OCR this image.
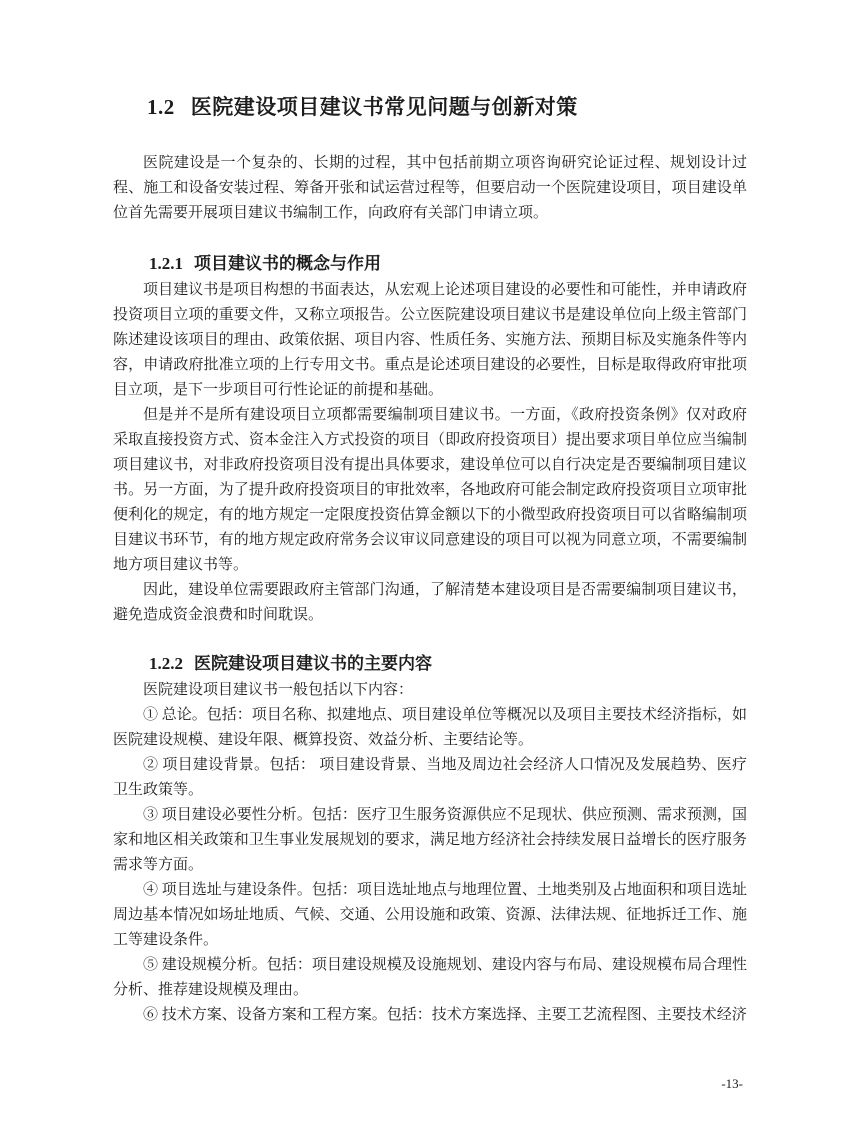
1.2 医院建设项目建议书常见问题与创新对策

医院建设是一个复杂的、长期的过程，其中包括前期立项咨询研究论证过程、规划设计过程、施工和设备安装过程、筹备开张和试运营过程等，但要启动一个医院建设项目，项目建设单位首先需要开展项目建议书编制工作，向政府有关部门申请立项。

1.2.1 项目建议书的概念与作用

项目建议书是项目构想的书面表达，从宏观上论述项目建设的必要性和可能性，并申请政府投资项目立项的重要文件，又称立项报告。公立医院建设项目建议书是建设单位向上级主管部门陈述建设该项目的理由、政策依据、项目内容、性质任务、实施方法、预期目标及实施条件等内容，申请政府批准立项的上行专用文书。重点是论述项目建设的必要性，目标是取得政府审批项目立项，是下一步项目可行性论证的前提和基础。

但是并不是所有建设项目立项都需要编制项目建议书。一方面，《政府投资条例》仅对政府采取直接投资方式、资本金注入方式投资的项目（即政府投资项目）提出要求项目单位应当编制项目建议书，对非政府投资项目没有提出具体要求，建设单位可以自行决定是否要编制项目建议书。另一方面，为了提升政府投资项目的审批效率，各地政府可能会制定政府投资项目立项审批便利化的规定，有的地方规定一定限度投资估算金额以下的小微型政府投资项目可以省略编制项目建议书环节，有的地方规定政府常务会议审议同意建设的项目可以视为同意立项，不需要编制地方项目建议书等。

因此，建设单位需要跟政府主管部门沟通，了解清楚本建设项目是否需要编制项目建议书，避免造成资金浪费和时间耽误。

1.2.2 医院建设项目建议书的主要内容

医院建设项目建议书一般包括以下内容：

① 总论。包括：项目名称、拟建地点、项目建设单位等概况以及项目主要技术经济指标，如医院建设规模、建设年限、概算投资、效益分析、主要结论等。

② 项目建设背景。包括： 项目建设背景、当地及周边社会经济人口情况及发展趋势、医疗卫生政策等。

③ 项目建设必要性分析。包括：医疗卫生服务资源供应不足现状、供应预测、需求预测，国家和地区相关政策和卫生事业发展规划的要求，满足地方经济社会持续发展日益增长的医疗服务需求等方面。

④ 项目选址与建设条件。包括：项目选址地点与地理位置、土地类别及占地面积和项目选址周边基本情况如场址地质、气候、交通、公用设施和政策、资源、法律法规、征地拆迁工作、施工等建设条件。

⑤ 建设规模分析。包括：项目建设规模及设施规划、建设内容与布局、建设规模布局合理性分析、推荐建设规模及理由。

⑥ 技术方案、设备方案和工程方案。包括：技术方案选择、主要工艺流程图、主要技术经济

-13-
